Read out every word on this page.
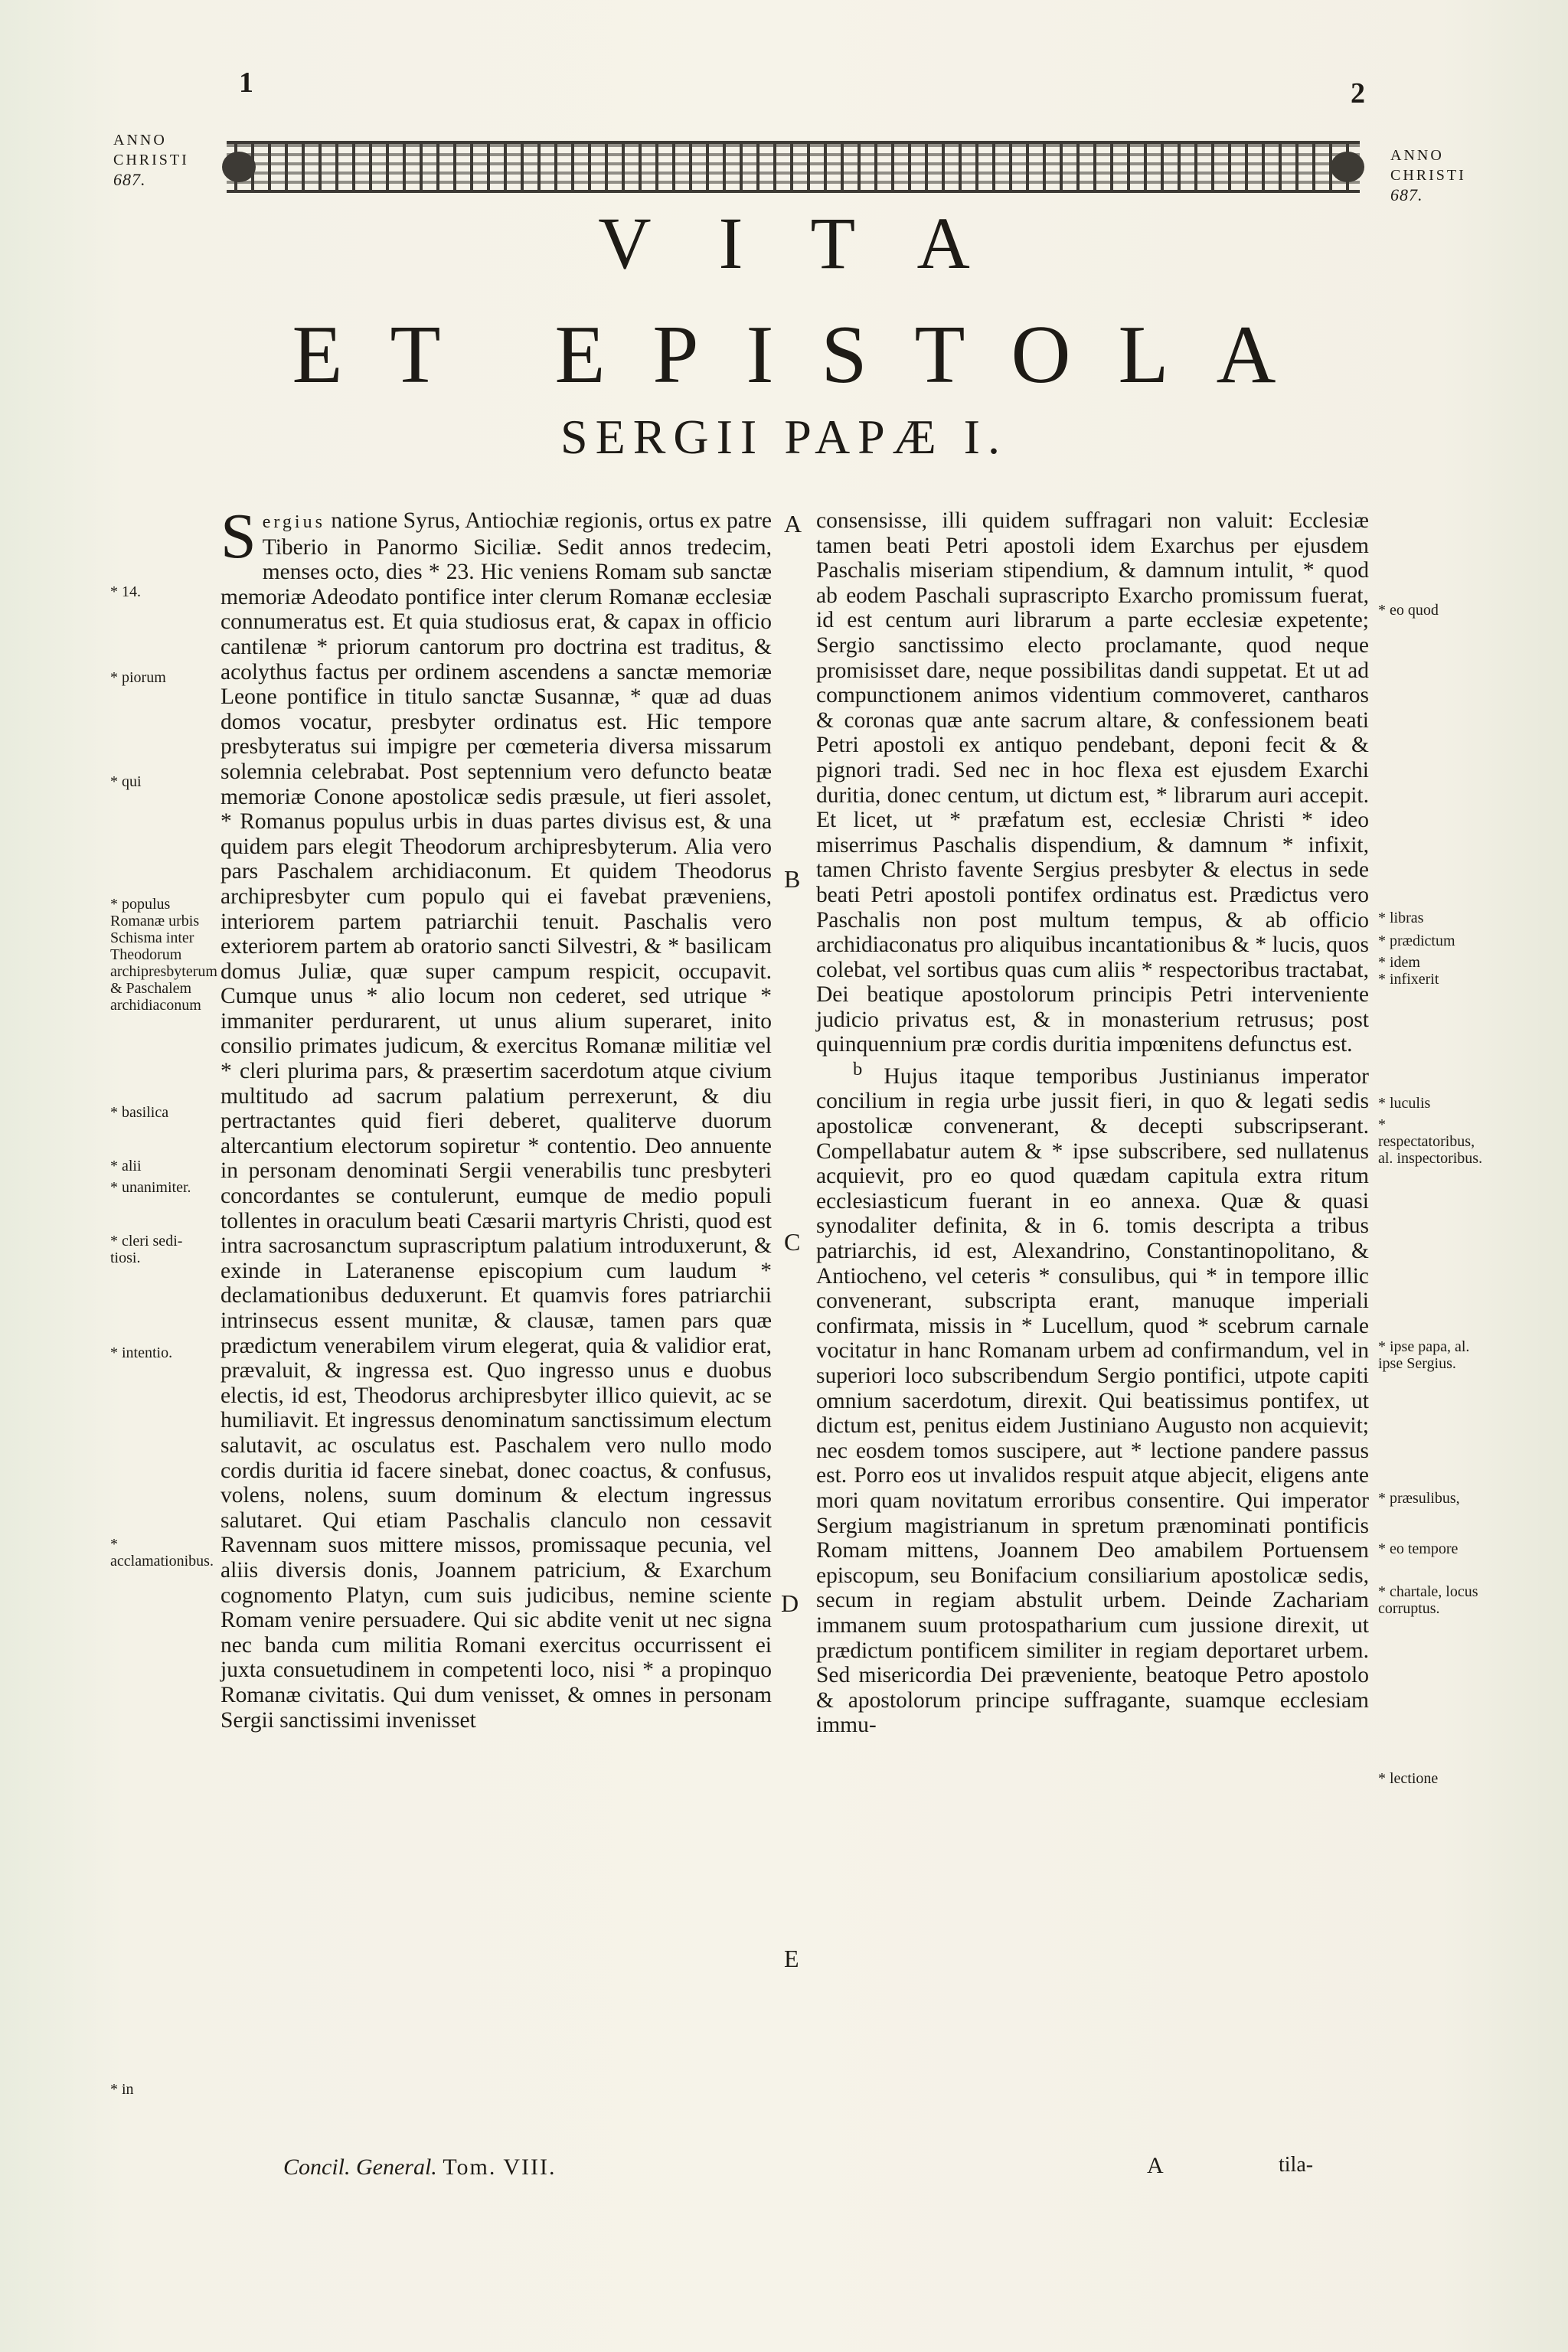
1	2
ANNO
CHRISTI
687.
ANNO
CHRISTI
687.
VITA
ET EPISTOLA
SERGII PAPÆ I.

S ergius natione Syrus, Antiochiæ regionis, ortus ex patre Tiberio in Panormo Siciliæ. Sedit annos tredecim, menses octo, dies * 23. Hic veniens Romam sub sanctæ memoriæ Adeodato pontifice inter clerum Romanæ ecclesiæ connumeratus est. Et quia studiosus erat, & capax in officio cantilenæ * priorum cantorum pro doctrina est traditus, & acolythus factus per ordinem ascendens a sanctæ memoriæ Leone pontifice in titulo sanctæ Susannæ, * quæ ad duas domos vocatur, presbyter ordinatus est. Hic tempore presbyteratus sui impigre per cœmeteria diversa missarum solemnia celebrabat. Post septennium vero defuncto beatæ memoriæ Conone apostolicæ sedis præsule, ut fieri assolet, * Romanus populus urbis in duas partes divisus est, & una quidem pars elegit Theodorum archipresbyterum. Alia vero pars Paschalem archidiaconum. Et quidem Theodorus archipresbyter cum populo qui ei favebat præveniens, interiorem partem patriarchii tenuit. Paschalis vero exteriorem partem ab oratorio sancti Silvestri, & * basilicam domus Juliæ, quæ super campum respicit, occupavit. Cumque unus * alio locum non cederet, sed utrique * immaniter perdurarent, ut unus alium superaret, inito consilio primates judicum, & exercitus Romanæ militiæ vel * cleri plurima pars, & præsertim sacerdotum atque civium multitudo ad sacrum palatium perrexerunt, & diu pertractantes quid fieri deberet, qualiterve duorum altercantium electorum sopiretur * contentio. Deo annuente in personam denominati Sergii venerabilis tunc presbyteri concordantes se contulerunt, eumque de medio populi tollentes in oraculum beati Cæsarii martyris Christi, quod est intra sacrosanctum suprascriptum palatium introduxerunt, & exinde in Lateranense episcopium cum laudum * declamationibus deduxerunt. Et quamvis fores patriarchii intrinsecus essent munitæ, & clausæ, tamen pars quæ prædictum venerabilem virum elegerat, quia & validior erat, prævaluit, & ingressa est. Quo ingresso unus e duobus electis, id est, Theodorus archipresbyter illico quievit, ac se humiliavit. Et ingressus denominatum sanctissimum electum salutavit, ac osculatus est. Paschalem vero nullo modo cordis duritia id facere sinebat, donec coactus, & confusus, volens, nolens, suum dominum & electum ingressus salutaret. Qui etiam Paschalis clanculo non cessavit Ravennam suos mittere missos, promissaque pecunia, vel aliis diversis donis, Joannem patricium, & Exarchum cognomento Platyn, cum suis judicibus, nemine sciente Romam venire persuadere. Qui sic abdite venit ut nec signa nec banda cum militia Romani exercitus occurrissent ei juxta consuetudinem in competenti loco, nisi * a propinquo Romanæ civitatis. Qui dum venisset, & omnes in personam Sergii sanctissimi invenisset

consensisse, illi quidem suffragari non valuit: Ecclesiæ tamen beati Petri apostoli idem Exarchus per ejusdem Paschalis miseriam stipendium, & damnum intulit, * quod ab eodem Paschali suprascripto Exarcho promissum fuerat, id est centum auri librarum a parte ecclesiæ expetente; Sergio sanctissimo electo proclamante, quod neque promisisset dare, neque possibilitas dandi suppetat. Et ut ad compunctionem animos videntium commoveret, cantharos & coronas quæ ante sacrum altare, & confessionem beati Petri apostoli ex antiquo pendebant, deponi fecit & & pignori tradi. Sed nec in hoc flexa est ejusdem Exarchi duritia, donec centum, ut dictum est, * librarum auri accepit. Et licet, ut * præfatum est, ecclesiæ Christi * ideo miserrimus Paschalis dispendium, & damnum * infixit, tamen Christo favente Sergius presbyter & electus in sede beati Petri apostoli pontifex ordinatus est. Prædictus vero Paschalis non post multum tempus, & ab officio archidiaconatus pro aliquibus incantationibus & * lucis, quos colebat, vel sortibus quas cum aliis * respectoribus tractabat, Dei beatique apostolorum principis Petri interveniente judicio privatus est, & in monasterium retrusus; post quinquennium præ cordis duritia impœnitens defunctus est.

$^b$ Hujus itaque temporibus Justinianus imperator concilium in regia urbe jussit fieri, in quo & legati sedis apostolicæ convenerant, & decepti subscripserant. Compellabatur autem & * ipse subscribere, sed nullatenus acquievit, pro eo quod quædam capitula extra ritum ecclesiasticum fuerant in eo annexa. Quæ & quasi synodaliter definita, & in 6. tomis descripta a tribus patriarchis, id est, Alexandrino, Constantinopolitano, & Antiocheno, vel ceteris * consulibus, qui * in tempore illic convenerant, subscripta erant, manuque imperiali confirmata, missis in * Lucellum, quod * scebrum carnale vocitatur in hanc Romanam urbem ad confirmandum, vel in superiori loco subscribendum Sergio pontifici, utpote capiti omnium sacerdotum, direxit. Qui beatissimus pontifex, ut dictum est, penitus eidem Justiniano Augusto non acquievit; nec eosdem tomos suscipere, aut * lectione pandere passus est. Porro eos ut invalidos respuit atque abjecit, eligens ante mori quam novitatum erroribus consentire. Qui imperator Sergium magistrianum in spretum prænominati pontificis Romam mittens, Joannem Deo amabilem Portuensem episcopum, seu Bonifacium consiliarium apostolicæ sedis, secum in regiam abstulit urbem. Deinde Zachariam immanem suum protospatharium cum jussione direxit, ut prædictum pontificem similiter in regiam deportaret urbem. Sed misericordia Dei præveniente, beatoque Petro apostolo & apostolorum principe suffragante, suamque ecclesiam immu-

A
B
C
D
E
* 14.
* piorum
* qui
* populus Romanæ urbis Schisma inter Theodorum archipresbyterum & Paschalem archidiaconum
* basilica
* alii
* unanimiter.
* cleri sedi-tiosi.
* intentio.
* acclamationibus.
* in
* eo quod
* libras
* prædictum
* idem
* infixerit
* luculis
* respectatoribus, al. inspectoribus.
* ipse papa, al. ipse Sergius.
* præsulibus,
* eo tempore
* chartale, locus corruptus.
* lectione
Concil. General. Tom. VIII.	A	tila-
